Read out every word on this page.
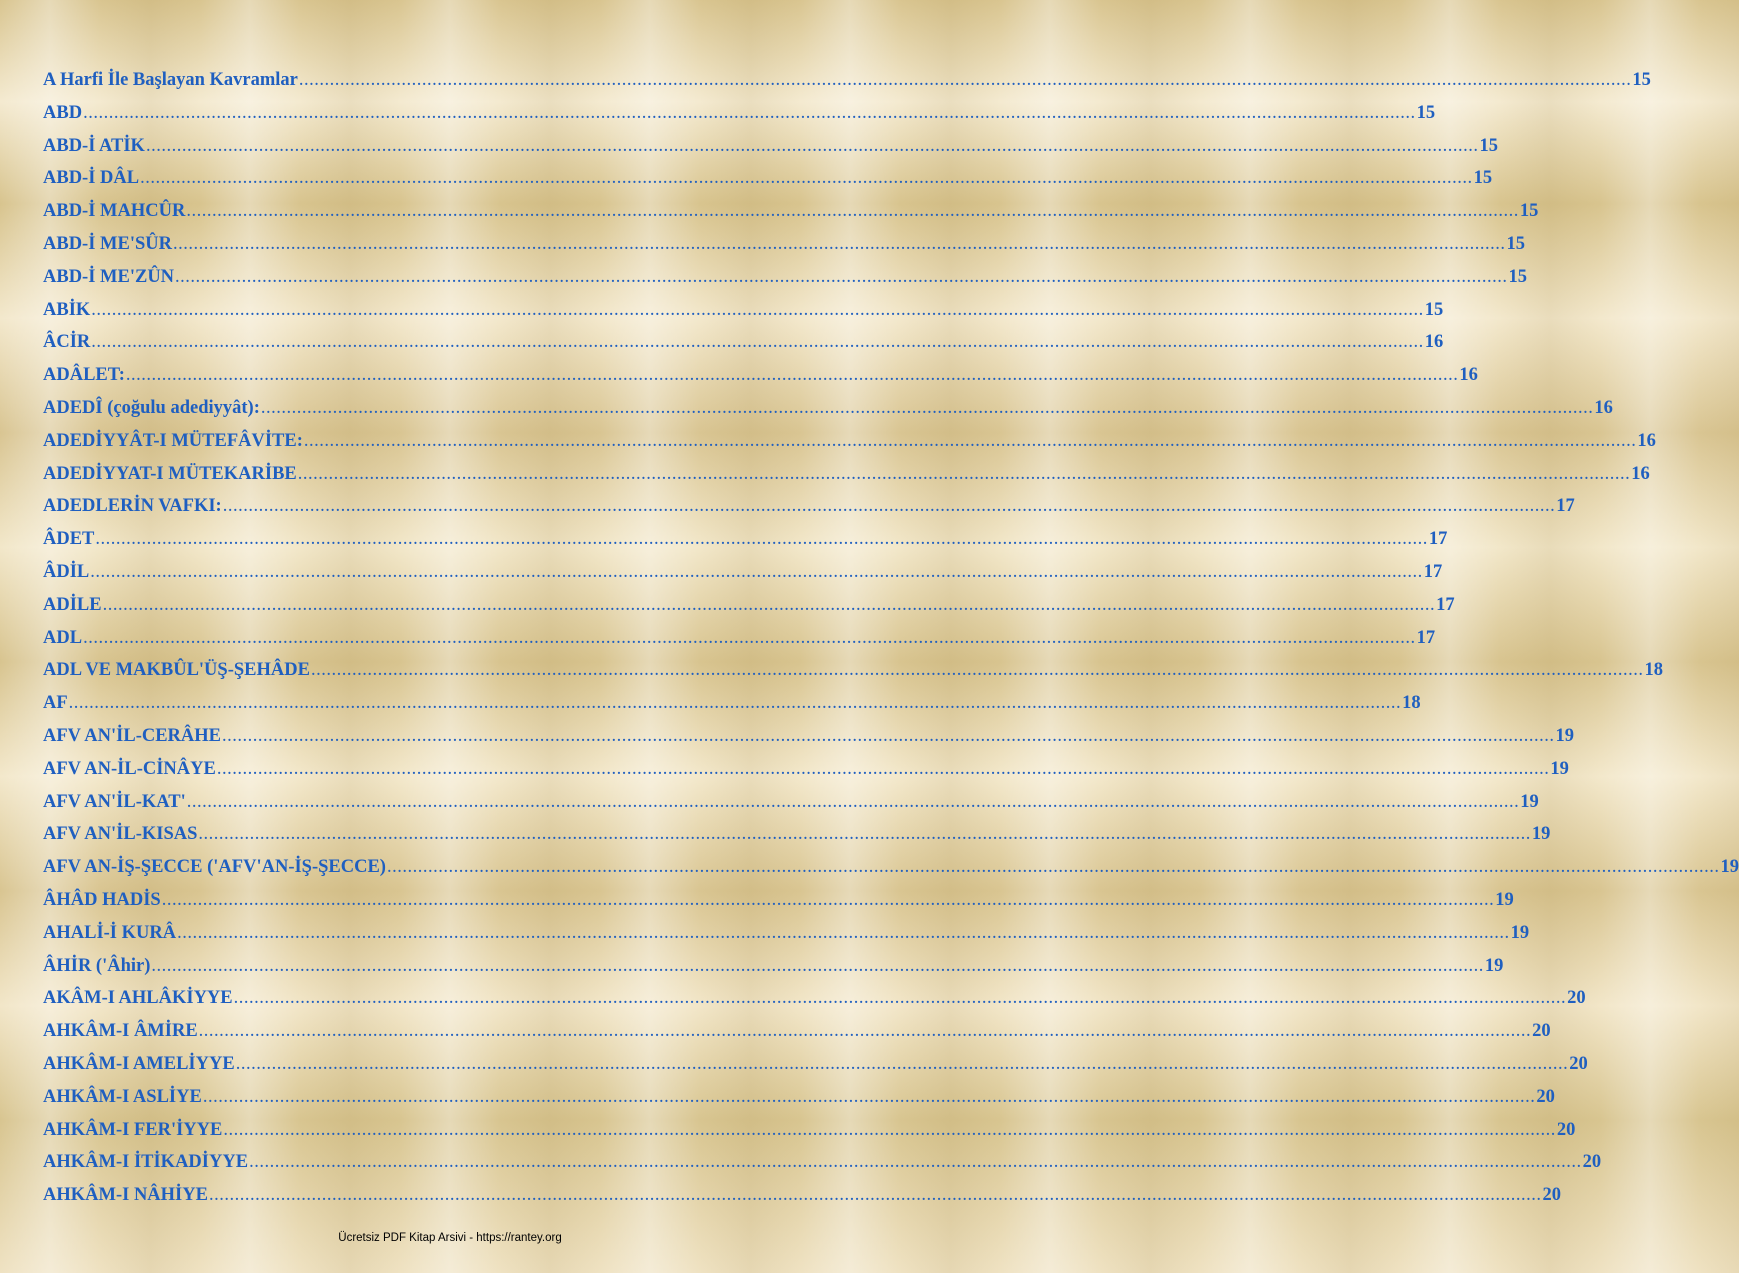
A Harfi İle Başlayan Kavramlar .................................................................................................................................................................................................................................................................... 15
ABD .................................................................................................................................................................................................................................................................... 15
ABD-İ ATİK .................................................................................................................................................................................................................................................................... 15
ABD-İ DÂL .................................................................................................................................................................................................................................................................... 15
ABD-İ MAHCÛR .................................................................................................................................................................................................................................................................... 15
ABD-İ ME'SÛR .................................................................................................................................................................................................................................................................... 15
ABD-İ ME'ZÛN .................................................................................................................................................................................................................................................................... 15
ABİK .................................................................................................................................................................................................................................................................... 15
ÂCİR .................................................................................................................................................................................................................................................................... 16
ADÂLET: .................................................................................................................................................................................................................................................................... 16
ADEDÎ (çoğulu adediyyât): .................................................................................................................................................................................................................................................................... 16
ADEDİYYÂT-I MÜTEFÂVİTE: .................................................................................................................................................................................................................................................................... 16
ADEDİYYAT-I MÜTEKARİBE .................................................................................................................................................................................................................................................................... 16
ADEDLERİN VAFKI: .................................................................................................................................................................................................................................................................... 17
ÂDET .................................................................................................................................................................................................................................................................... 17
ÂDİL .................................................................................................................................................................................................................................................................... 17
ADİLE .................................................................................................................................................................................................................................................................... 17
ADL .................................................................................................................................................................................................................................................................... 17
ADL VE MAKBÛL'ÜŞ-ŞEHÂDE .................................................................................................................................................................................................................................................................... 18
AF .................................................................................................................................................................................................................................................................... 18
AFV AN'İL-CERÂHE .................................................................................................................................................................................................................................................................... 19
AFV AN-İL-CİNÂYE .................................................................................................................................................................................................................................................................... 19
AFV AN'İL-KAT' .................................................................................................................................................................................................................................................................... 19
AFV AN'İL-KISAS .................................................................................................................................................................................................................................................................... 19
AFV AN-İŞ-ŞECCE ('AFV'AN-İŞ-ŞECCE) .................................................................................................................................................................................................................................................................... 19
ÂHÂD HADİS .................................................................................................................................................................................................................................................................... 19
AHALİ-İ KURÂ .................................................................................................................................................................................................................................................................... 19
ÂHİR ('Âhir) .................................................................................................................................................................................................................................................................... 19
AKÂM-I AHLÂKİYYE .................................................................................................................................................................................................................................................................... 20
AHKÂM-I ÂMİRE .................................................................................................................................................................................................................................................................... 20
AHKÂM-I AMELİYYE .................................................................................................................................................................................................................................................................... 20
AHKÂM-I ASLİYE .................................................................................................................................................................................................................................................................... 20
AHKÂM-I FER'İYYE .................................................................................................................................................................................................................................................................... 20
AHKÂM-I İTİKADİYYE .................................................................................................................................................................................................................................................................... 20
AHKÂM-I NÂHİYE .................................................................................................................................................................................................................................................................... 20
Ücretsiz PDF Kitap Arsivi - https://rantey.org
